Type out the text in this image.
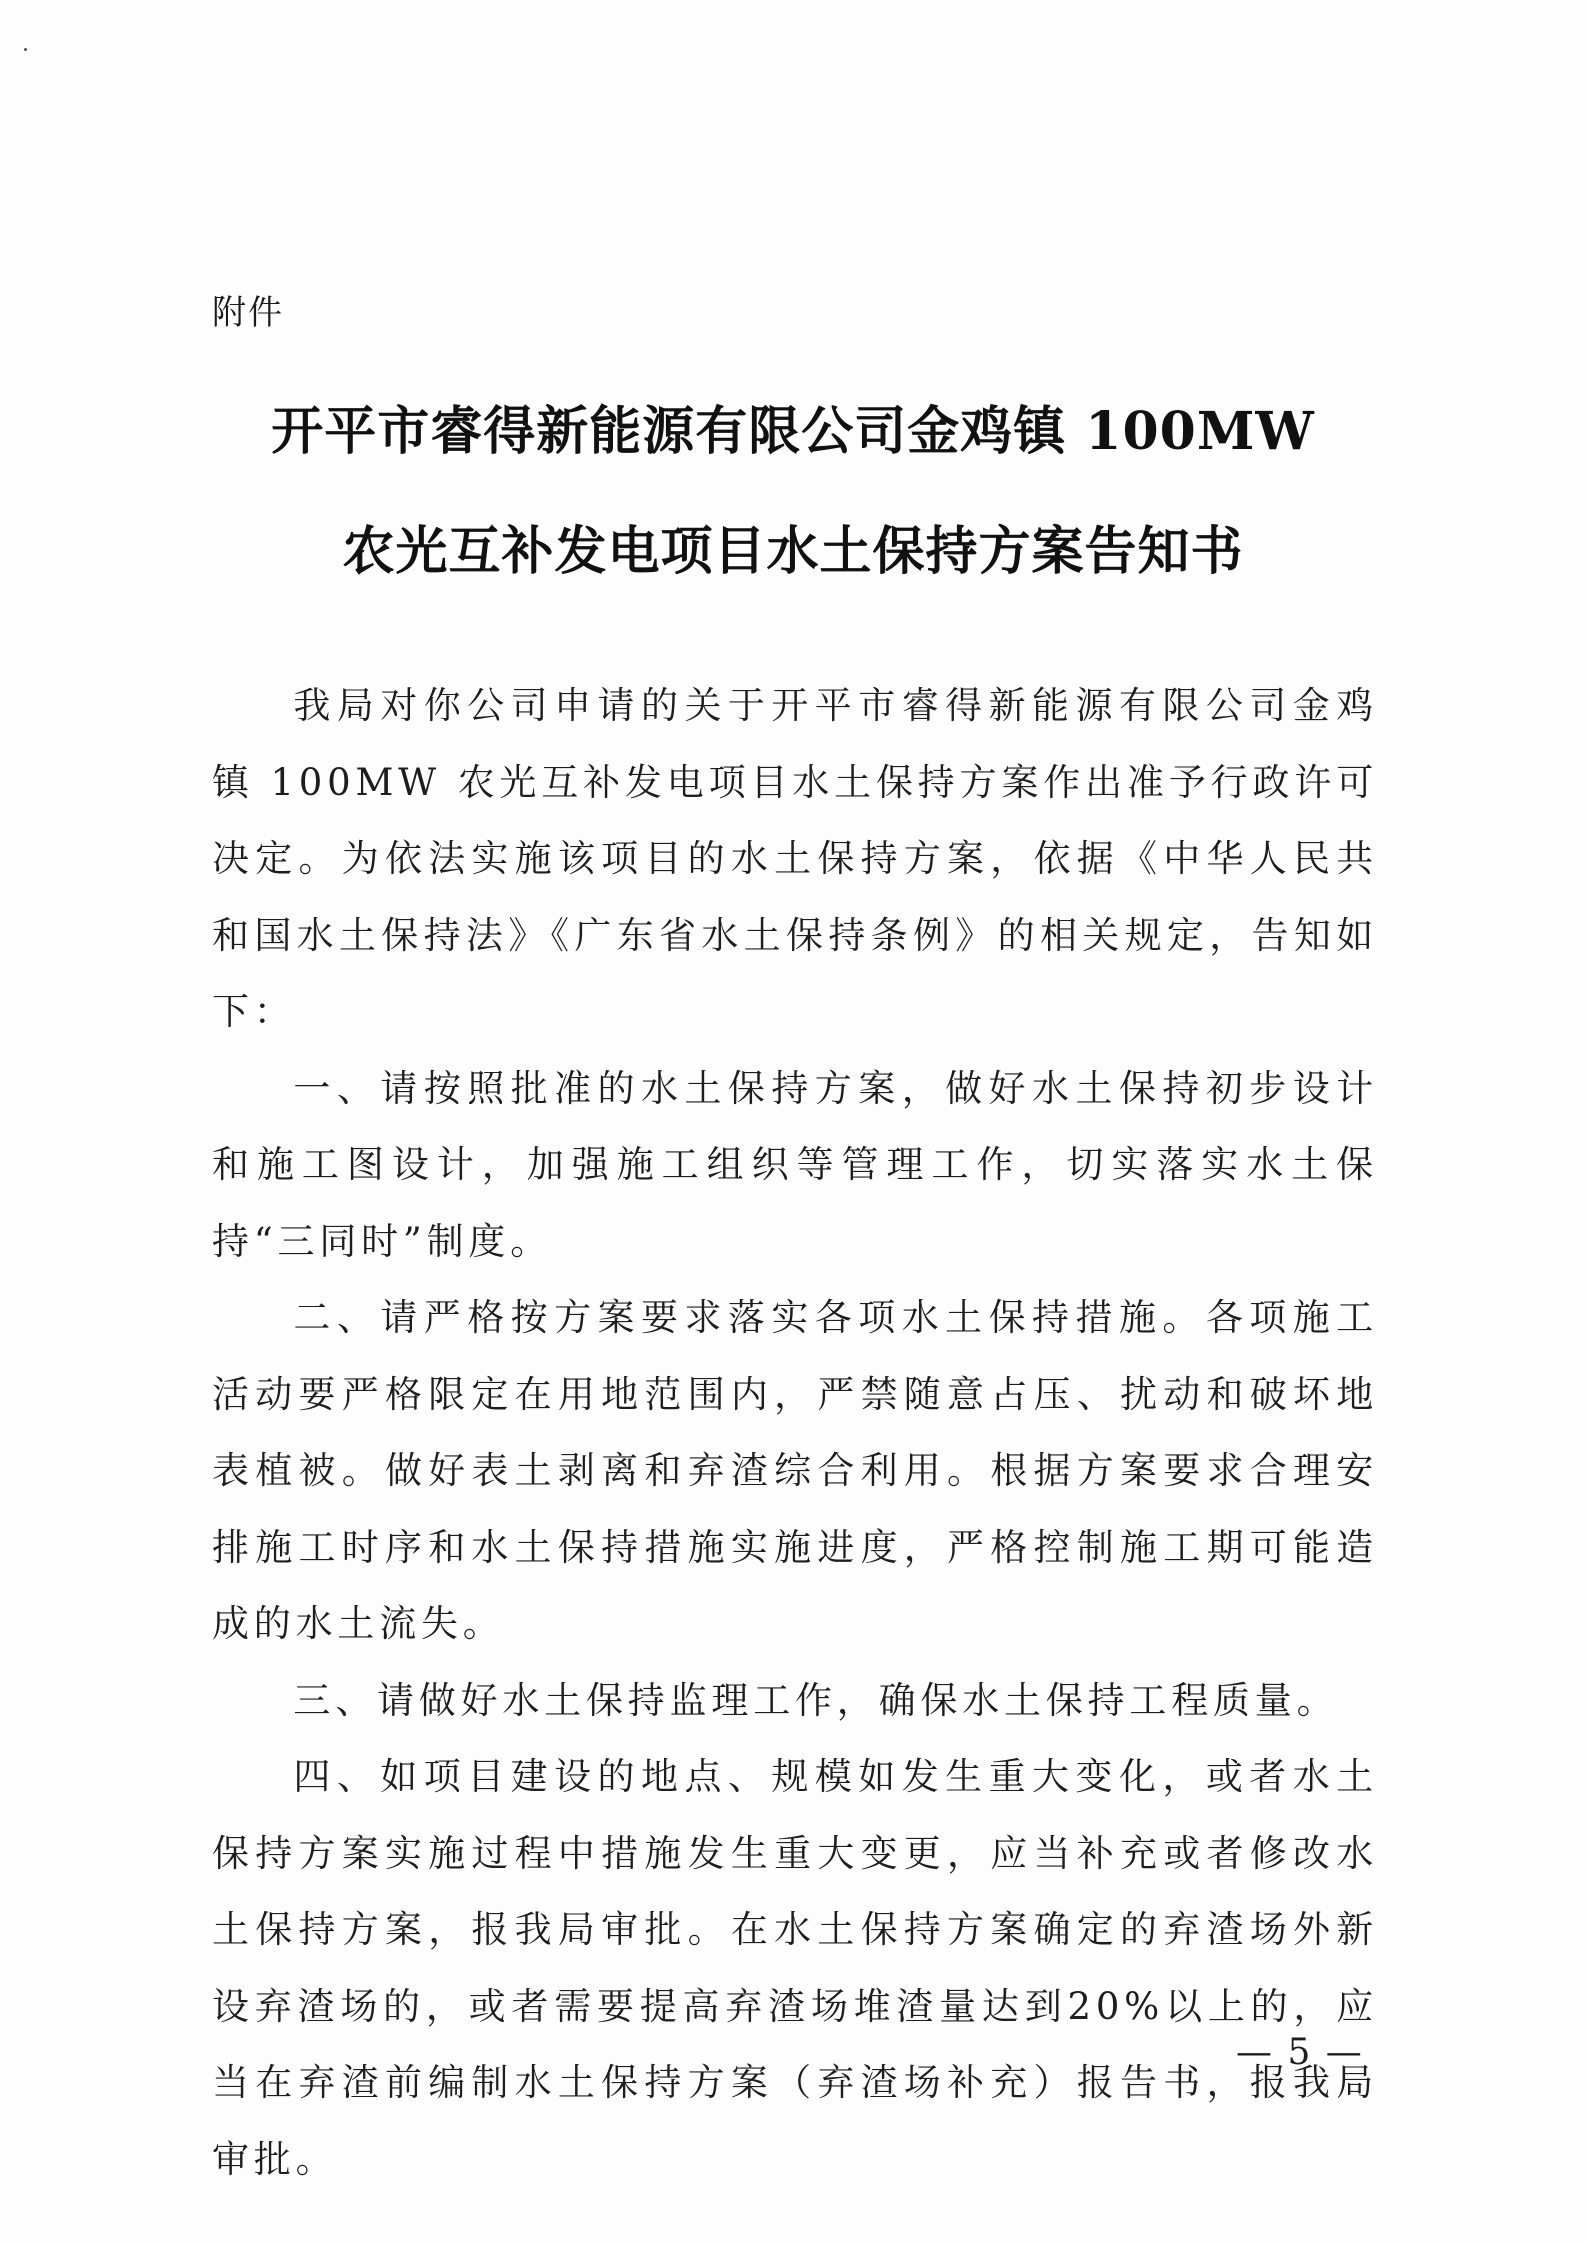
附件
开平市睿得新能源有限公司金鸡镇 100MW
农光互补发电项目水土保持方案告知书

我局对你公司申请的关于开平市睿得新能源有限公司金鸡镇 100MW 农光互补发电项目水土保持方案作出准予行政许可决定。为依法实施该项目的水土保持方案，依据《中华人民共和国水土保持法》《广东省水土保持条例》的相关规定，告知如下：

一、请按照批准的水土保持方案，做好水土保持初步设计和施工图设计，加强施工组织等管理工作，切实落实水土保持“三同时”制度。

二、请严格按方案要求落实各项水土保持措施。各项施工活动要严格限定在用地范围内，严禁随意占压、扰动和破坏地表植被。做好表土剥离和弃渣综合利用。根据方案要求合理安排施工时序和水土保持措施实施进度，严格控制施工期可能造成的水土流失。

三、请做好水土保持监理工作，确保水土保持工程质量。

四、如项目建设的地点、规模如发生重大变化，或者水土保持方案实施过程中措施发生重大变更，应当补充或者修改水土保持方案，报我局审批。在水土保持方案确定的弃渣场外新设弃渣场的，或者需要提高弃渣场堆渣量达到20%以上的，应当在弃渣前编制水土保持方案（弃渣场补充）报告书，报我局审批。

— 5 —
